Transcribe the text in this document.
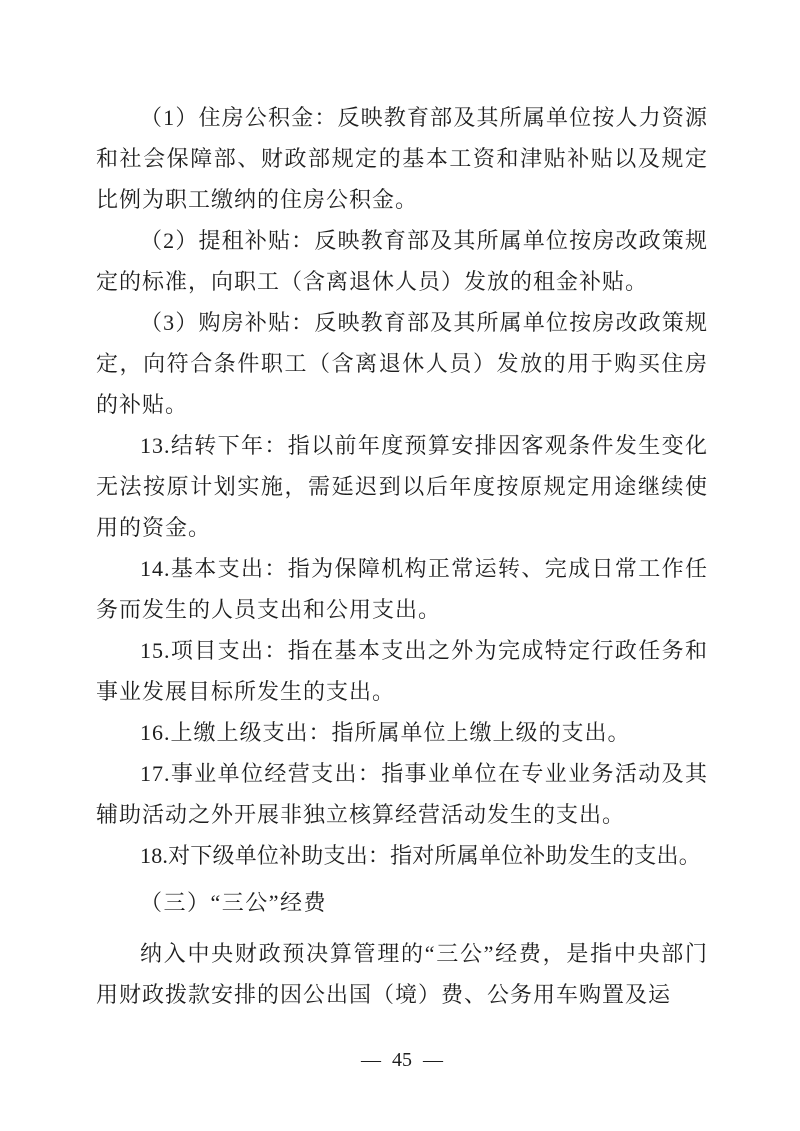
（1）住房公积金：反映教育部及其所属单位按人力资源和社会保障部、财政部规定的基本工资和津贴补贴以及规定比例为职工缴纳的住房公积金。

（2）提租补贴：反映教育部及其所属单位按房改政策规定的标准，向职工（含离退休人员）发放的租金补贴。

（3）购房补贴：反映教育部及其所属单位按房改政策规定，向符合条件职工（含离退休人员）发放的用于购买住房的补贴。

13.结转下年：指以前年度预算安排因客观条件发生变化无法按原计划实施，需延迟到以后年度按原规定用途继续使用的资金。

14.基本支出：指为保障机构正常运转、完成日常工作任务而发生的人员支出和公用支出。

15.项目支出：指在基本支出之外为完成特定行政任务和事业发展目标所发生的支出。

16.上缴上级支出：指所属单位上缴上级的支出。

17.事业单位经营支出：指事业单位在专业业务活动及其辅助活动之外开展非独立核算经营活动发生的支出。

18.对下级单位补助支出：指对所属单位补助发生的支出。

（三）“三公”经费

纳入中央财政预决算管理的“三公”经费，是指中央部门用财政拨款安排的因公出国（境）费、公务用车购置及运

— 45 —
